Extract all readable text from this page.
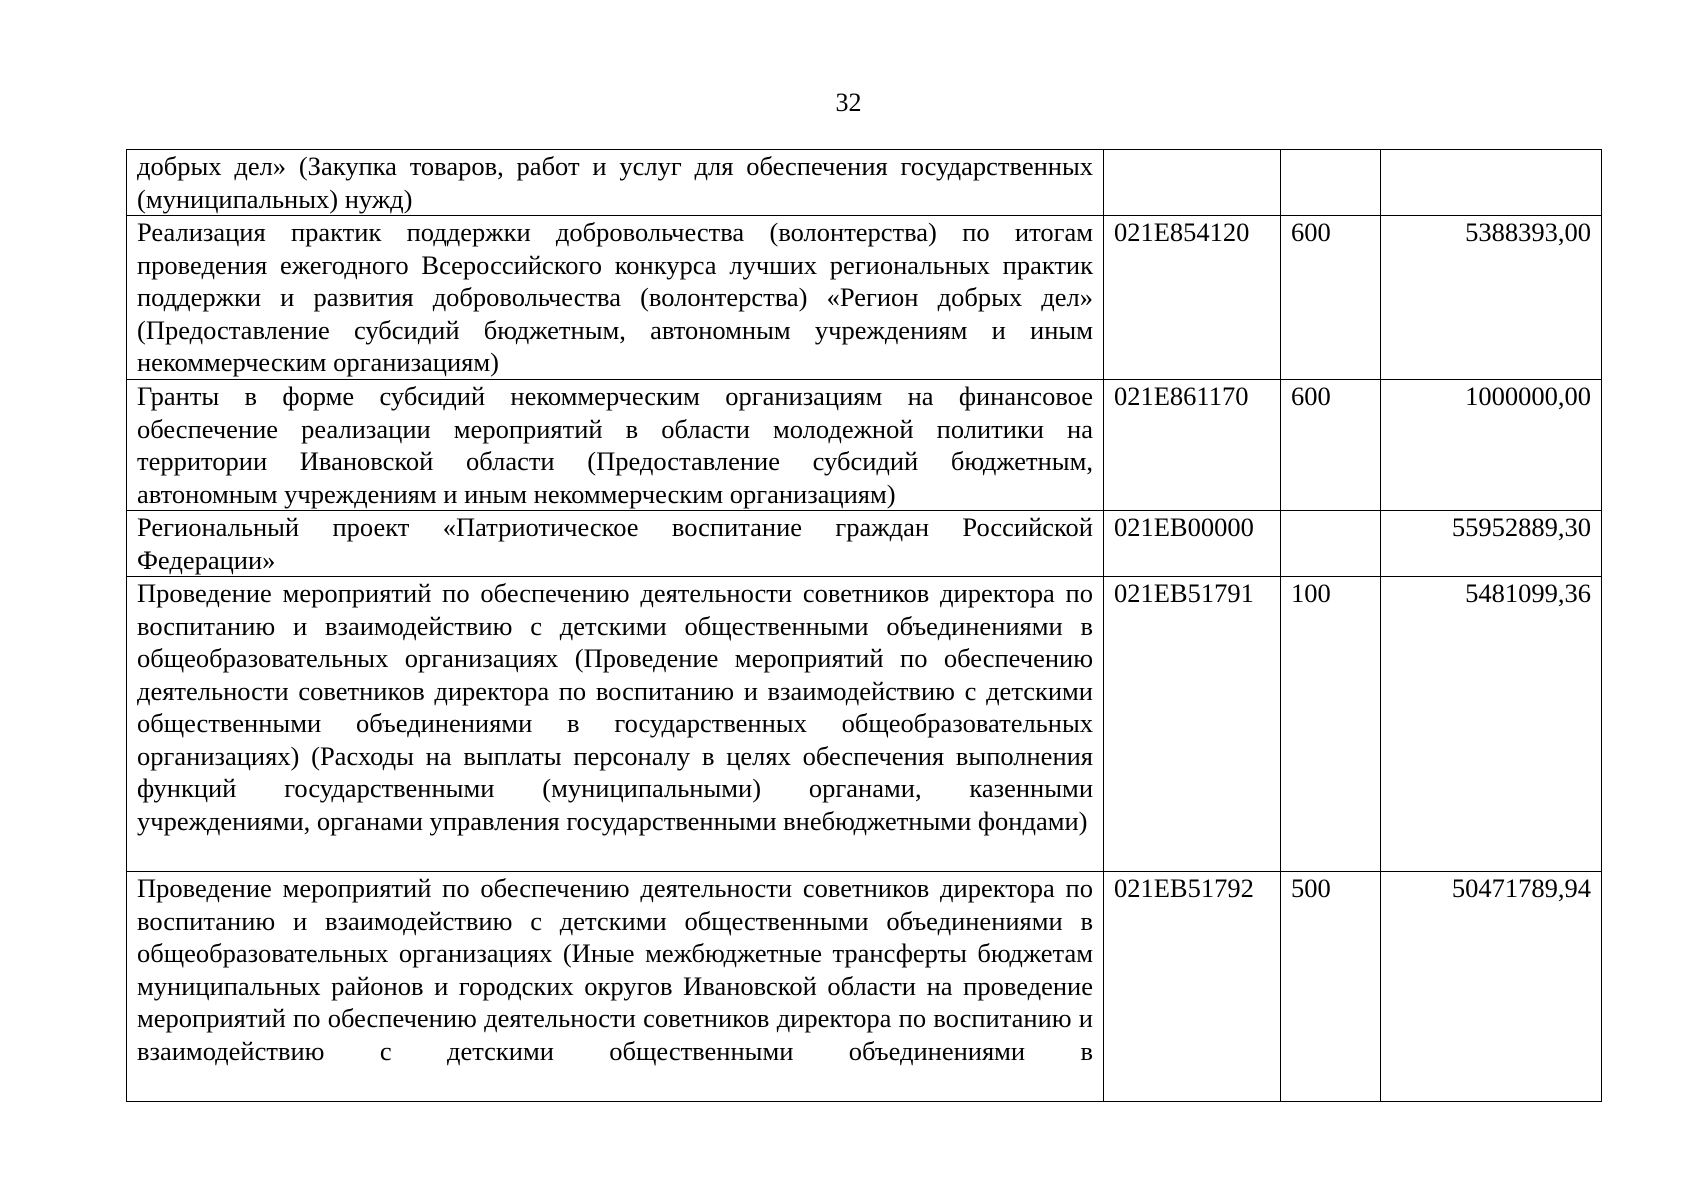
32
добрых дел» (Закупка товаров, работ и услуг для обеспечения государственных (муниципальных) нужд)			
Реализация практик поддержки добровольчества (волонтерства) по итогам проведения ежегодного Всероссийского конкурса лучших региональных практик поддержки и развития добровольчества (волонтерства) «Регион добрых дел» (Предоставление субсидий бюджетным, автономным учреждениям и иным некоммерческим организациям)	021E854120	600	5388393,00
Гранты в форме субсидий некоммерческим организациям на финансовое обеспечение реализации мероприятий в области молодежной политики на территории Ивановской области (Предоставление субсидий бюджетным, автономным учреждениям и иным некоммерческим организациям)	021E861170	600	1000000,00
Региональный проект «Патриотическое воспитание граждан Российской Федерации»	021EB00000		55952889,30
Проведение мероприятий по обеспечению деятельности советников директора по воспитанию и взаимодействию с детскими общественными объединениями в общеобразовательных организациях (Проведение мероприятий по обеспечению деятельности советников директора по воспитанию и взаимодействию с детскими общественными объединениями в государственных общеобразовательных организациях) (Расходы на выплаты персоналу в целях обеспечения выполнения функций государственными (муниципальными) органами, казенными учреждениями, органами управления государственными внебюджетными фондами)	021EB51791	100	5481099,36
Проведение мероприятий по обеспечению деятельности советников директора по воспитанию и взаимодействию с детскими общественными объединениями в общеобразовательных организациях (Иные межбюджетные трансферты бюджетам муниципальных районов и городских округов Ивановской области на проведение мероприятий по обеспечению деятельности советников директора по воспитанию и взаимодействию с детскими общественными объединениями в	021EB51792	500	50471789,94
